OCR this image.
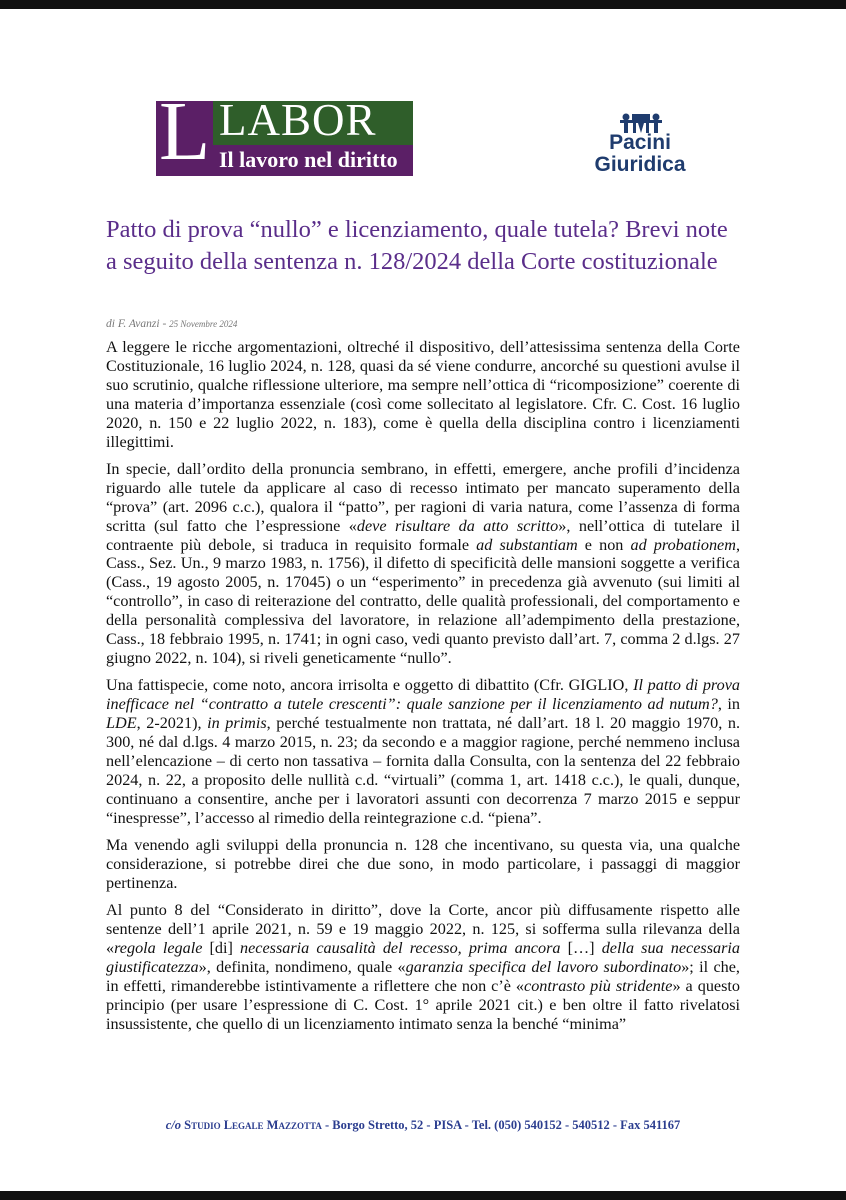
L LABOR
Il lavoro nel diritto
Pacini
Giuridica
Patto di prova “nullo” e licenziamento, quale tutela? Brevi note a seguito della sentenza n. 128/2024 della Corte costituzionale
di F. Avanzi - 25 Novembre 2024

A leggere le ricche argomentazioni, oltreché il dispositivo, dell’attesissima sentenza della Corte Costituzionale, 16 luglio 2024, n. 128, quasi da sé viene condurre, ancorché su questioni avulse il suo scrutinio, qualche riflessione ulteriore, ma sempre nell’ottica di “ricomposizione” coerente di una materia d’importanza essenziale (così come sollecitato al legislatore. Cfr. C. Cost. 16 luglio 2020, n. 150 e 22 luglio 2022, n. 183), come è quella della disciplina contro i licenziamenti illegittimi.

In specie, dall’ordito della pronuncia sembrano, in effetti, emergere, anche profili d’incidenza riguardo alle tutele da applicare al caso di recesso intimato per mancato superamento della “prova” (art. 2096 c.c.), qualora il “patto”, per ragioni di varia natura, come l’assenza di forma scritta (sul fatto che l’espressione «deve risultare da atto scritto», nell’ottica di tutelare il contraente più debole, si traduca in requisito formale ad substantiam e non ad probationem, Cass., Sez. Un., 9 marzo 1983, n. 1756), il difetto di specificità delle mansioni soggette a verifica (Cass., 19 agosto 2005, n. 17045) o un “esperimento” in precedenza già avvenuto (sui limiti al “controllo”, in caso di reiterazione del contratto, delle qualità professionali, del comportamento e della personalità complessiva del lavoratore, in relazione all’adempimento della prestazione, Cass., 18 febbraio 1995, n. 1741; in ogni caso, vedi quanto previsto dall’art. 7, comma 2 d.lgs. 27 giugno 2022, n. 104), si riveli geneticamente “nullo”.

Una fattispecie, come noto, ancora irrisolta e oggetto di dibattito (Cfr. GIGLIO, Il patto di prova inefficace nel “contratto a tutele crescenti”: quale sanzione per il licenziamento ad nutum?, in LDE, 2-2021), in primis, perché testualmente non trattata, né dall’art. 18 l. 20 maggio 1970, n. 300, né dal d.lgs. 4 marzo 2015, n. 23; da secondo e a maggior ragione, perché nemmeno inclusa nell’elencazione – di certo non tassativa – fornita dalla Consulta, con la sentenza del 22 febbraio 2024, n. 22, a proposito delle nullità c.d. “virtuali” (comma 1, art. 1418 c.c.), le quali, dunque, continuano a consentire, anche per i lavoratori assunti con decorrenza 7 marzo 2015 e seppur “inespresse”, l’accesso al rimedio della reintegrazione c.d. “piena”.

Ma venendo agli sviluppi della pronuncia n. 128 che incentivano, su questa via, una qualche considerazione, si potrebbe direi che due sono, in modo particolare, i passaggi di maggior pertinenza.

Al punto 8 del “Considerato in diritto”, dove la Corte, ancor più diffusamente rispetto alle sentenze dell’1 aprile 2021, n. 59 e 19 maggio 2022, n. 125, si sofferma sulla rilevanza della «regola legale [di] necessaria causalità del recesso, prima ancora […] della sua necessaria giustificatezza», definita, nondimeno, quale «garanzia specifica del lavoro subordinato»; il che, in effetti, rimanderebbe istintivamente a riflettere che non c’è «contrasto più stridente» a questo principio (per usare l’espressione di C. Cost. 1° aprile 2021 cit.) e ben oltre il fatto rivelatosi insussistente, che quello di un licenziamento intimato senza la benché “minima”

c/o Studio Legale Mazzotta - Borgo Stretto, 52 - PISA - Tel. (050) 540152 - 540512 - Fax 541167
